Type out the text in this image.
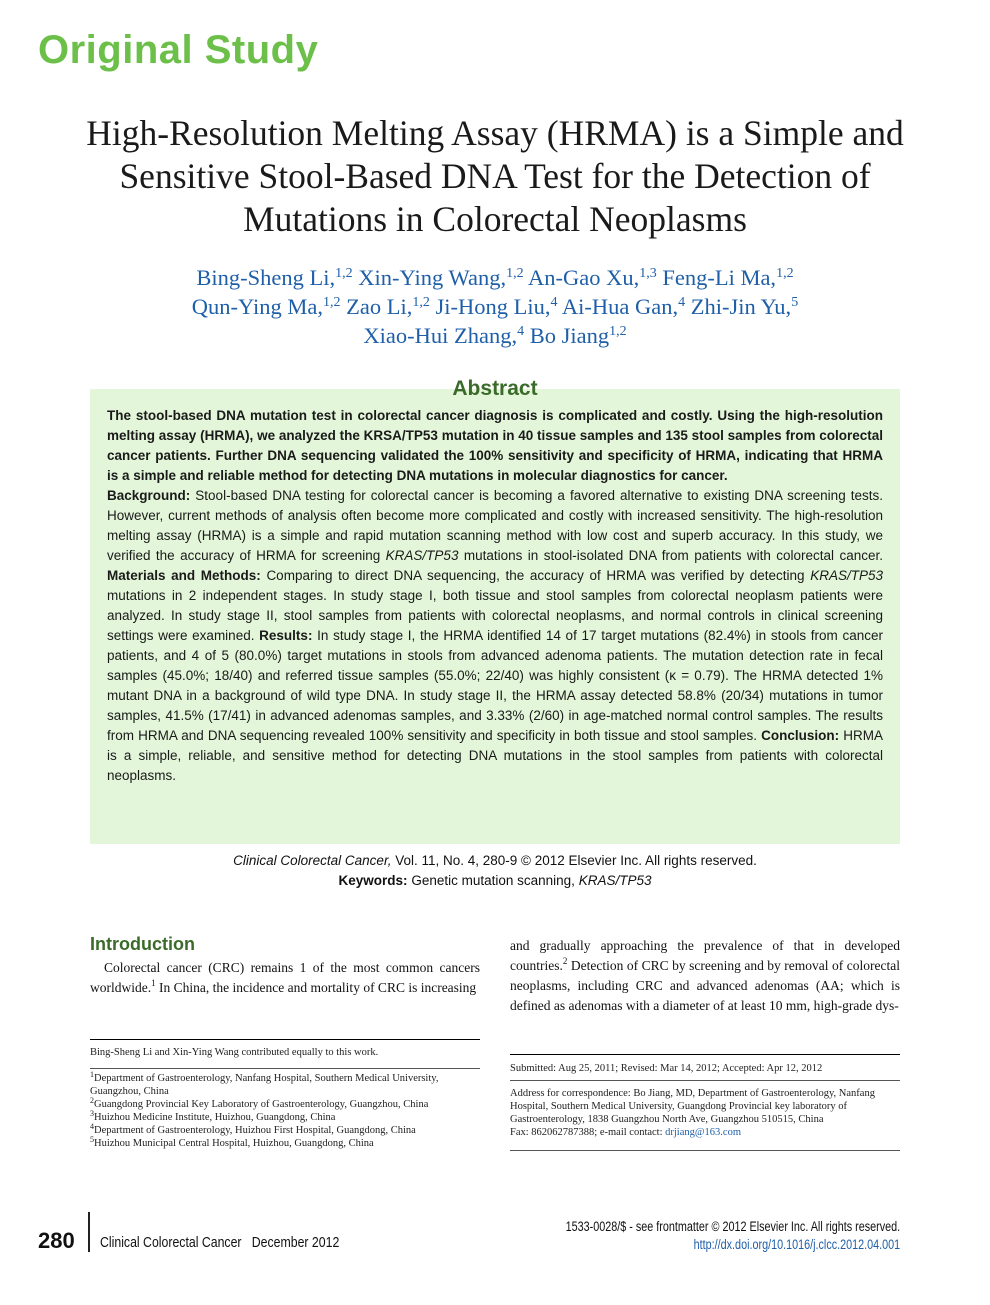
Original Study
High-Resolution Melting Assay (HRMA) is a Simple and Sensitive Stool-Based DNA Test for the Detection of Mutations in Colorectal Neoplasms
Bing-Sheng Li,$^{1,2}$ Xin-Ying Wang,$^{1,2}$ An-Gao Xu,$^{1,3}$ Feng-Li Ma,$^{1,2}$
Qun-Ying Ma,$^{1,2}$ Zao Li,$^{1,2}$ Ji-Hong Liu,$^4$ Ai-Hua Gan,$^4$ Zhi-Jin Yu,$^5$
Xiao-Hui Zhang,$^4$ Bo Jiang$^{1,2}$
Abstract

The stool-based DNA mutation test in colorectal cancer diagnosis is complicated and costly. Using the high-resolution melting assay (HRMA), we analyzed the KRSA/TP53 mutation in 40 tissue samples and 135 stool samples from colorectal cancer patients. Further DNA sequencing validated the 100% sensitivity and specificity of HRMA, indicating that HRMA is a simple and reliable method for detecting DNA mutations in molecular diagnostics for cancer.

Background: Stool-based DNA testing for colorectal cancer is becoming a favored alternative to existing DNA screening tests. However, current methods of analysis often become more complicated and costly with increased sensitivity. The high-resolution melting assay (HRMA) is a simple and rapid mutation scanning method with low cost and superb accuracy. In this study, we verified the accuracy of HRMA for screening KRAS/TP53 mutations in stool-isolated DNA from patients with colorectal cancer. Materials and Methods: Comparing to direct DNA sequencing, the accuracy of HRMA was verified by detecting KRAS/TP53 mutations in 2 independent stages. In study stage I, both tissue and stool samples from colorectal neoplasm patients were analyzed. In study stage II, stool samples from patients with colorectal neoplasms, and normal controls in clinical screening settings were examined. Results: In study stage I, the HRMA identified 14 of 17 target mutations (82.4%) in stools from cancer patients, and 4 of 5 (80.0%) target mutations in stools from advanced adenoma patients. The mutation detection rate in fecal samples (45.0%; 18/40) and referred tissue samples (55.0%; 22/40) was highly consistent (κ = 0.79). The HRMA detected 1% mutant DNA in a background of wild type DNA. In study stage II, the HRMA assay detected 58.8% (20/34) mutations in tumor samples, 41.5% (17/41) in advanced adenomas samples, and 3.33% (2/60) in age-matched normal control samples. The results from HRMA and DNA sequencing revealed 100% sensitivity and specificity in both tissue and stool samples. Conclusion: HRMA is a simple, reliable, and sensitive method for detecting DNA mutations in the stool samples from patients with colorectal neoplasms.

Clinical Colorectal Cancer, Vol. 11, No. 4, 280-9 © 2012 Elsevier Inc. All rights reserved.
Keywords: Genetic mutation scanning, KRAS/TP53
Introduction

Colorectal cancer (CRC) remains 1 of the most common cancers worldwide.$^1$ In China, the incidence and mortality of CRC is increasing

and gradually approaching the prevalence of that in developed countries.$^2$ Detection of CRC by screening and by removal of colorectal neoplasms, including CRC and advanced adenomas (AA; which is defined as adenomas with a diameter of at least 10 mm, high-grade dys-

Bing-Sheng Li and Xin-Ying Wang contributed equally to this work.
$^1$Department of Gastroenterology, Nanfang Hospital, Southern Medical University, Guangzhou, China
$^2$Guangdong Provincial Key Laboratory of Gastroenterology, Guangzhou, China
$^3$Huizhou Medicine Institute, Huizhou, Guangdong, China
$^4$Department of Gastroenterology, Huizhou First Hospital, Guangdong, China
$^5$Huizhou Municipal Central Hospital, Huizhou, Guangdong, China
Submitted: Aug 25, 2011; Revised: Mar 14, 2012; Accepted: Apr 12, 2012
Address for correspondence: Bo Jiang, MD, Department of Gastroenterology, Nanfang Hospital, Southern Medical University, Guangdong Provincial key laboratory of Gastroenterology, 1838 Guangzhou North Ave, Guangzhou 510515, China
Fax: 862062787388; e-mail contact: drjiang@163.com
280 Clinical Colorectal Cancer December 2012
1533-0028/$ - see frontmatter © 2012 Elsevier Inc. All rights reserved.
http://dx.doi.org/10.1016/j.clcc.2012.04.001
